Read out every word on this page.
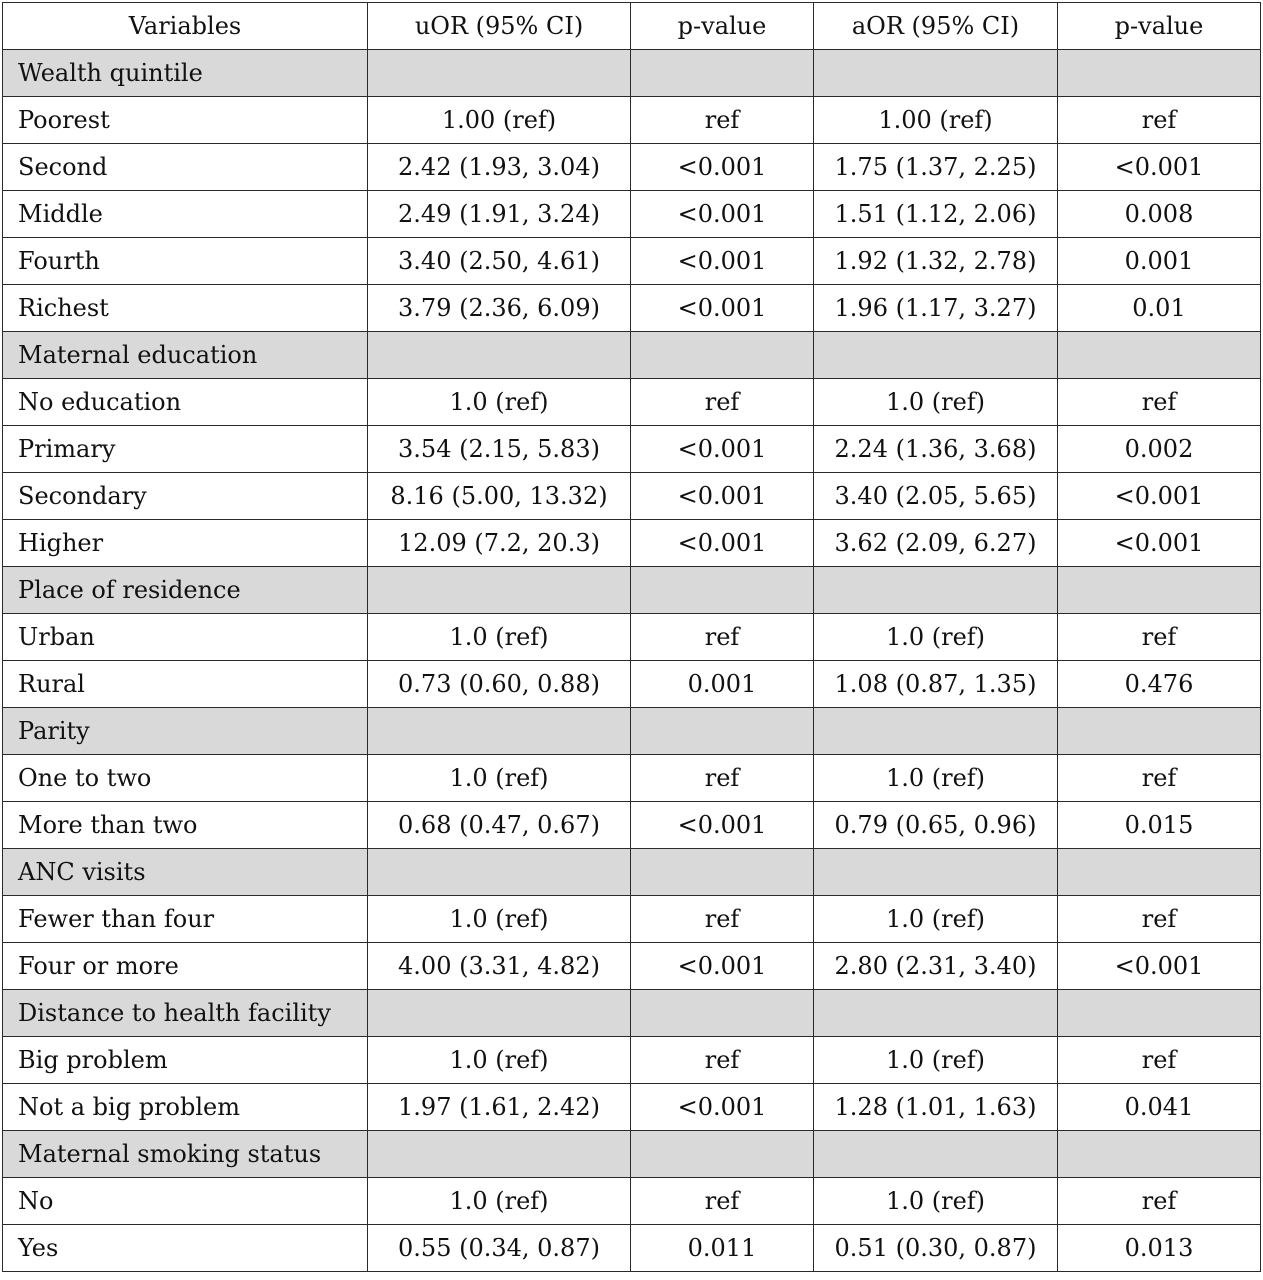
Variables	uOR (95% CI)	p-value	aOR (95% CI)	p-value
Wealth quintile				
Poorest	1.00 (ref)	ref	1.00 (ref)	ref
Second	2.42 (1.93, 3.04)	<0.001	1.75 (1.37, 2.25)	<0.001
Middle	2.49 (1.91, 3.24)	<0.001	1.51 (1.12, 2.06)	0.008
Fourth	3.40 (2.50, 4.61)	<0.001	1.92 (1.32, 2.78)	0.001
Richest	3.79 (2.36, 6.09)	<0.001	1.96 (1.17, 3.27)	0.01
Maternal education				
No education	1.0 (ref)	ref	1.0 (ref)	ref
Primary	3.54 (2.15, 5.83)	<0.001	2.24 (1.36, 3.68)	0.002
Secondary	8.16 (5.00, 13.32)	<0.001	3.40 (2.05, 5.65)	<0.001
Higher	12.09 (7.2, 20.3)	<0.001	3.62 (2.09, 6.27)	<0.001
Place of residence				
Urban	1.0 (ref)	ref	1.0 (ref)	ref
Rural	0.73 (0.60, 0.88)	0.001	1.08 (0.87, 1.35)	0.476
Parity				
One to two	1.0 (ref)	ref	1.0 (ref)	ref
More than two	0.68 (0.47, 0.67)	<0.001	0.79 (0.65, 0.96)	0.015
ANC visits				
Fewer than four	1.0 (ref)	ref	1.0 (ref)	ref
Four or more	4.00 (3.31, 4.82)	<0.001	2.80 (2.31, 3.40)	<0.001
Distance to health facility				
Big problem	1.0 (ref)	ref	1.0 (ref)	ref
Not a big problem	1.97 (1.61, 2.42)	<0.001	1.28 (1.01, 1.63)	0.041
Maternal smoking status				
No	1.0 (ref)	ref	1.0 (ref)	ref
Yes	0.55 (0.34, 0.87)	0.011	0.51 (0.30, 0.87)	0.013
